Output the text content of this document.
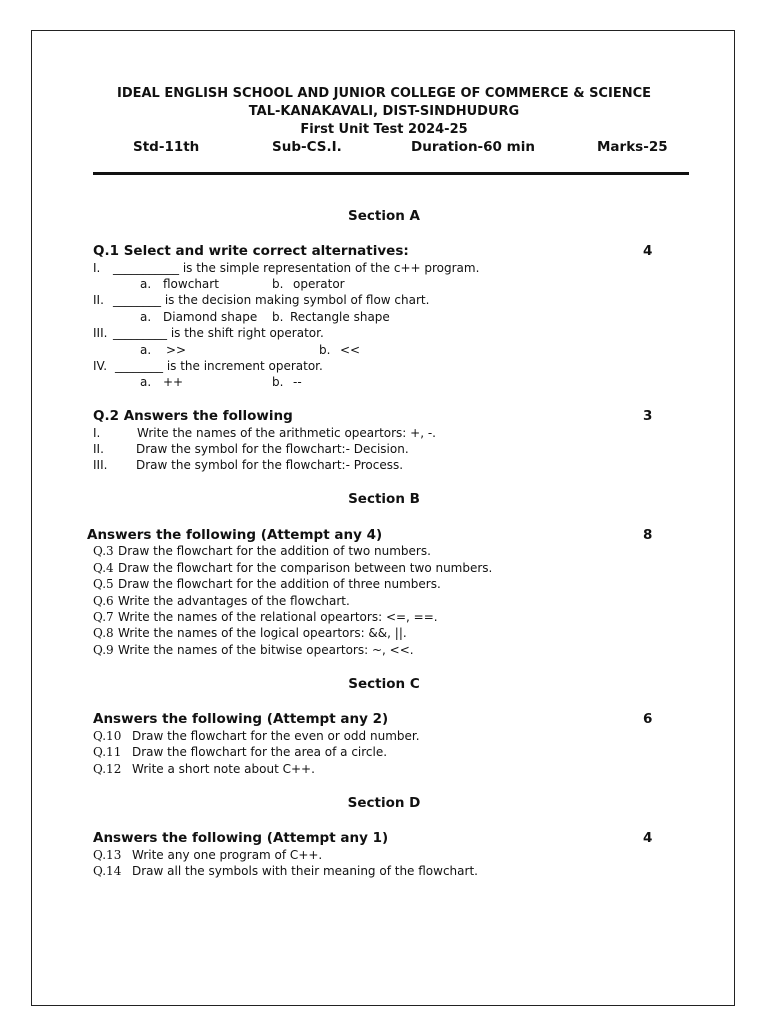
IDEAL ENGLISH SCHOOL AND JUNIOR COLLEGE OF COMMERCE & SCIENCE
TAL-KANAKAVALI, DIST-SINDHUDURG
First Unit Test 2024-25
Std-11th	Sub-CS.I.	Duration-60 min	Marks-25
Section A
Q.1 Select and write correct alternatives:	4
I. ___________ is the simple representation of the c++ program.
a. flowchart	b. operator
II. ________ is the decision making symbol of flow chart.
a. Diamond shape b. Rectangle shape
III. _________ is the shift right operator.
a. >>	b. <<
IV. ________ is the increment operator.
a. ++	b. --
Q.2 Answers the following	3
I.	Write the names of the arithmetic opeartors: +, -.
II.	Draw the symbol for the flowchart:- Decision.
III. Draw the symbol for the flowchart:- Process.
Section B
Answers the following (Attempt any 4)	8
Q.3 Draw the flowchart for the addition of two numbers.
Q.4 Draw the flowchart for the comparison between two numbers.
Q.5 Draw the flowchart for the addition of three numbers.
Q.6 Write the advantages of the flowchart.
Q.7 Write the names of the relational opeartors: <=, ==.
Q.8 Write the names of the logical opeartors: &&, ||.
Q.9 Write the names of the bitwise opeartors: ~, <<.
Section C
Answers the following (Attempt any 2)	6
Q.10 Draw the flowchart for the even or odd number.
Q.11 Draw the flowchart for the area of a circle.
Q.12 Write a short note about C++.
Section D
Answers the following (Attempt any 1)	4
Q.13 Write any one program of C++.
Q.14 Draw all the symbols with their meaning of the flowchart.
